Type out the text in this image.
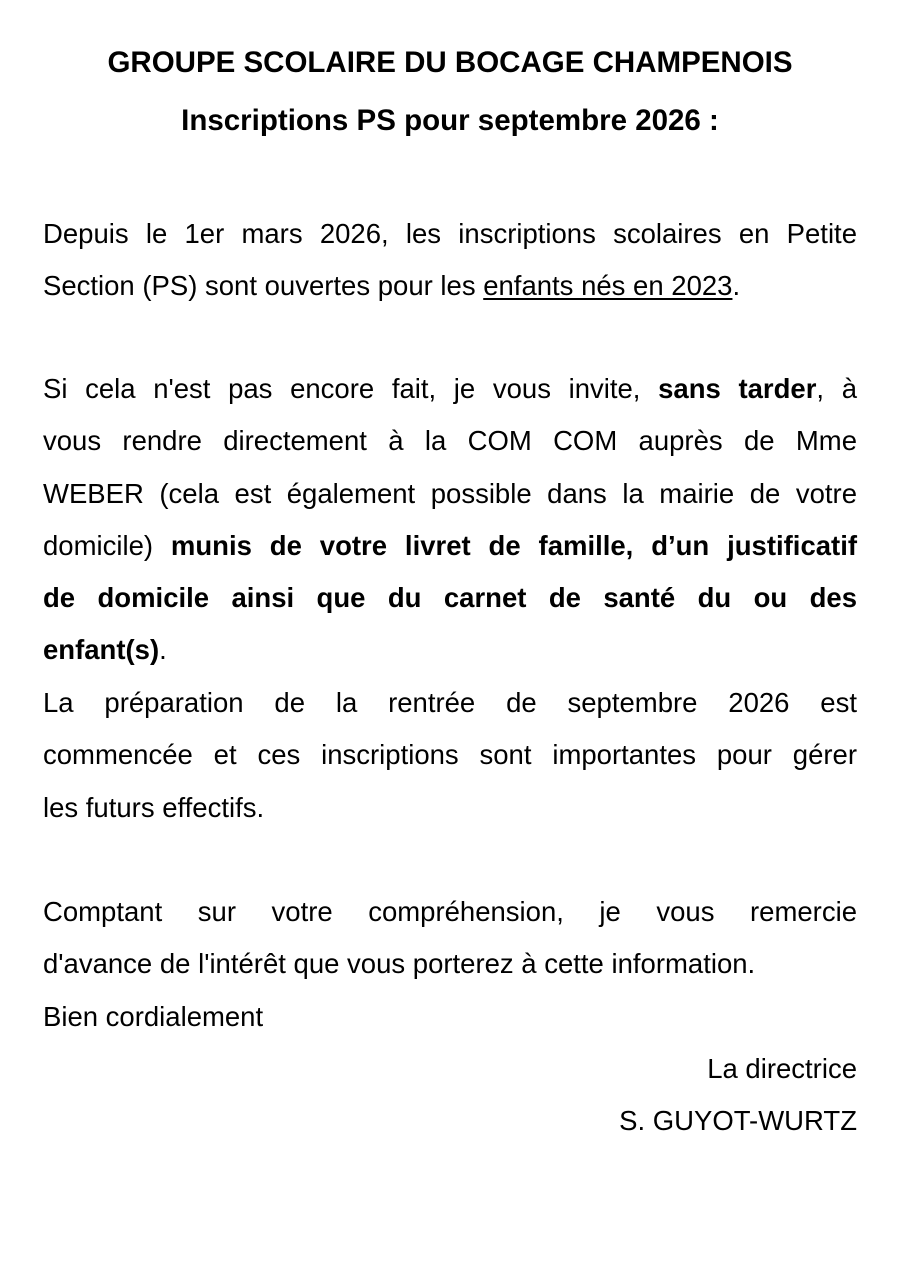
GROUPE SCOLAIRE DU BOCAGE CHAMPENOIS
Inscriptions PS pour septembre 2026 :
Depuis le 1er mars 2026, les inscriptions scolaires en Petite
Section (PS) sont ouvertes pour les enfants nés en 2023.
Si cela n'est pas encore fait, je vous invite, sans tarder, à
vous rendre directement à la COM COM auprès de Mme
WEBER (cela est également possible dans la mairie de votre
domicile) munis de votre livret de famille, d’un justificatif
de domicile ainsi que du carnet de santé du ou des
enfant(s).
La préparation de la rentrée de septembre 2026 est
commencée et ces inscriptions sont importantes pour gérer
les futurs effectifs.
Comptant sur votre compréhension, je vous remercie
d'avance de l'intérêt que vous porterez à cette information.
Bien cordialement
La directrice
S. GUYOT-WURTZ
